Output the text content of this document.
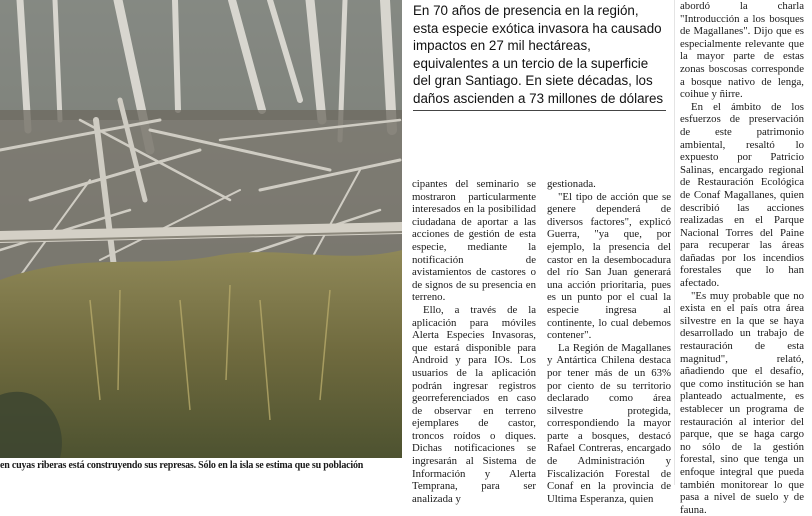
en cuyas riberas está construyendo sus represas. Sólo en la isla se estima que su población
En 70 años de presencia en la región, esta especie exótica invasora ha causado impactos en 27 mil hectáreas, equivalentes a un tercio de la superficie del gran Santiago. En siete décadas, los daños ascienden a 73 millones de dólares

cipantes del seminario se mostraron particularmente interesados en la posibilidad ciudadana de aportar a las acciones de gestión de esta especie, mediante la notificación de avistamientos de castores o de signos de su presencia en terreno.

Ello, a través de la aplicación para móviles Alerta Especies Invasoras, que estará disponible para Android y para IOs. Los usuarios de la aplicación podrán ingresar registros georreferenciados en caso de observar en terreno ejemplares de castor, troncos roídos o diques. Dichas notificaciones se ingresarán al Sistema de Información y Alerta Temprana, para ser analizada y

gestionada.

"El tipo de acción que se genere dependerá de diversos factores", explicó Guerra, "ya que, por ejemplo, la presencia del castor en la desembocadura del río San Juan generará una acción prioritaria, pues es un punto por el cual la especie ingresa al continente, lo cual debemos contener".

La Región de Magallanes y Antártica Chilena destaca por tener más de un 63% por ciento de su territorio declarado como área silvestre protegida, correspondiendo la mayor parte a bosques, destacó Rafael Contreras, encargado de Administración y Fiscalización Forestal de Conaf en la provincia de Ultima Esperanza, quien

abordó la charla "Introducción a los bosques de Magallanes". Dijo que es especialmente relevante que la mayor parte de estas zonas boscosas corresponde a bosque nativo de lenga, coihue y ñirre.

En el ámbito de los esfuerzos de preservación de este patrimonio ambiental, resaltó lo expuesto por Patricio Salinas, encargado regional de Restauración Ecológica de Conaf Magallanes, quien describió las acciones realizadas en el Parque Nacional Torres del Paine para recuperar las áreas dañadas por los incendios forestales que lo han afectado.

"Es muy probable que no exista en el país otra área silvestre en la que se haya desarrollado un trabajo de restauración de esta magnitud", relató, añadiendo que el desafío, que como institución se han planteado actualmente, es establecer un programa de restauración al interior del parque, que se haga cargo no sólo de la gestión forestal, sino que tenga un enfoque integral que pueda también monitorear lo que pasa a nivel de suelo y de fauna.
